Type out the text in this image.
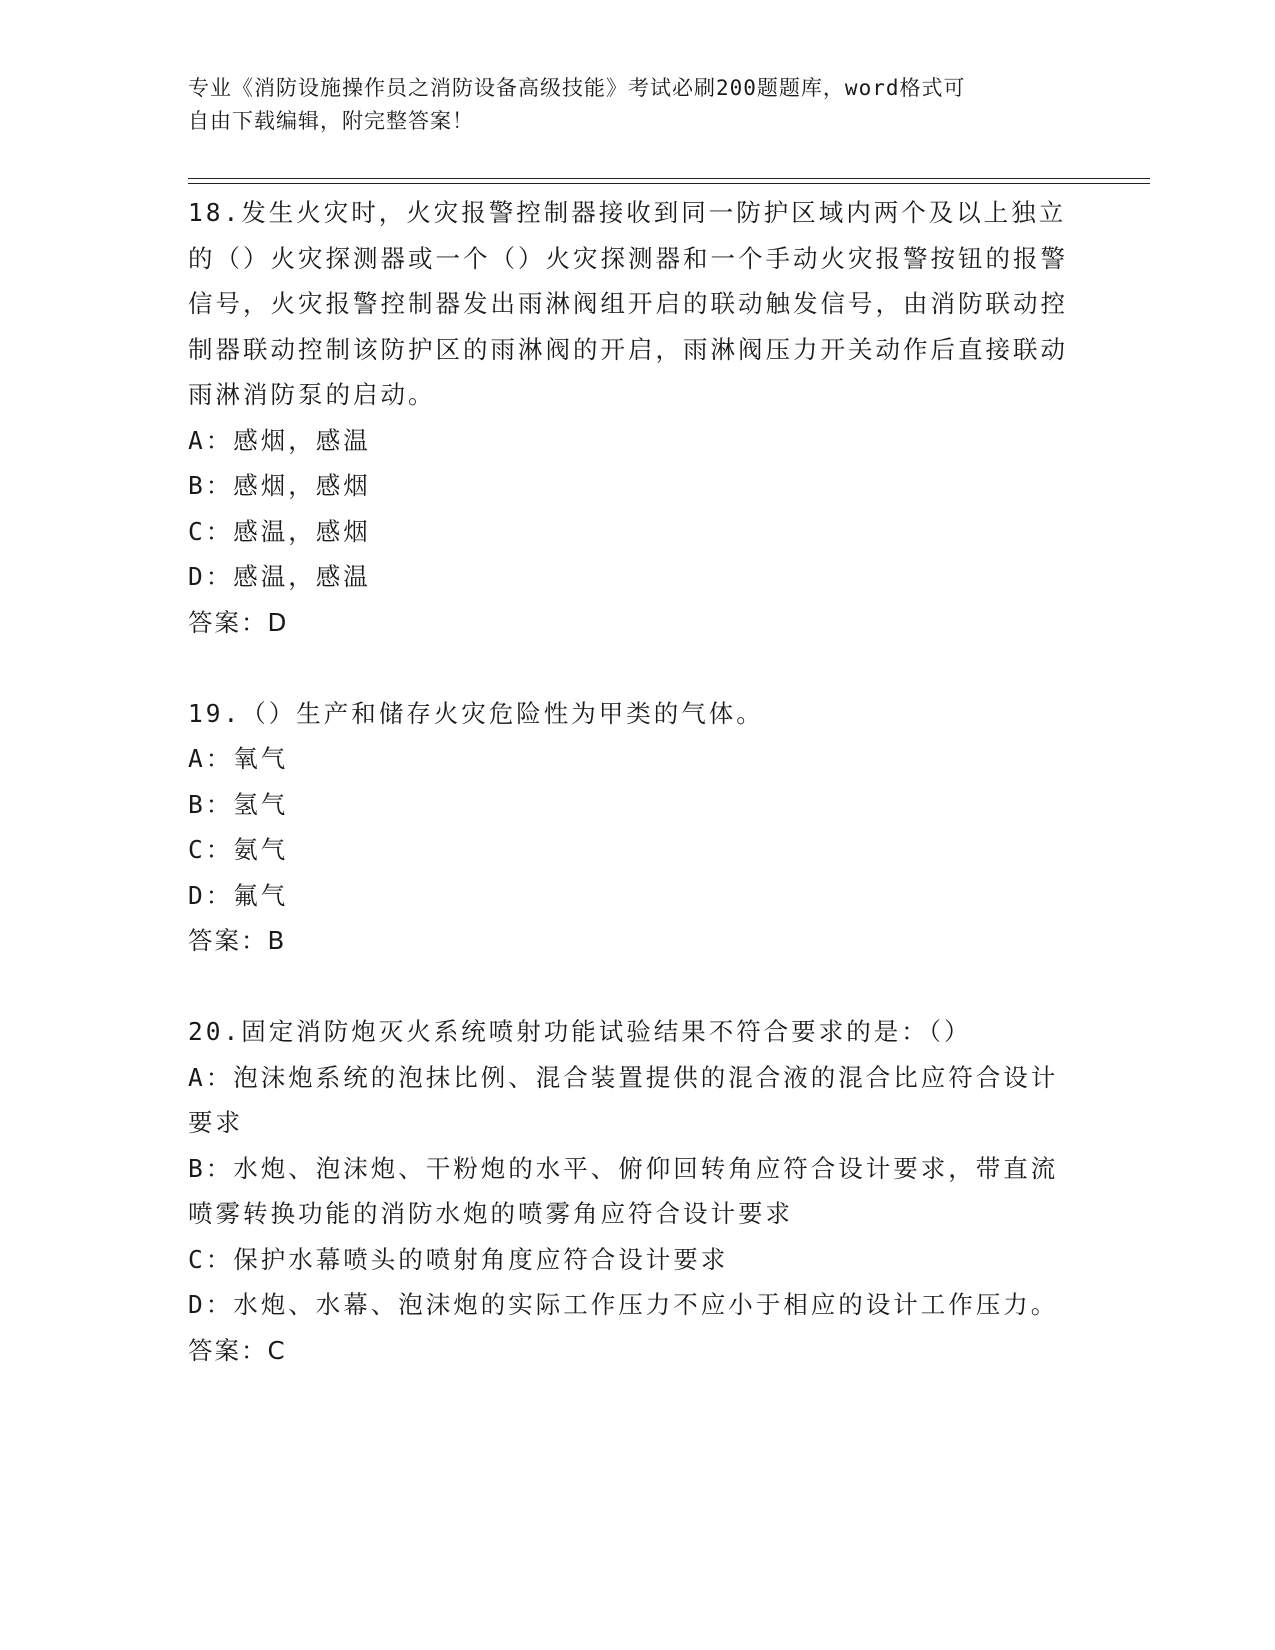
专业《消防设施操作员之消防设备高级技能》考试必刷200题题库，word格式可
自由下载编辑，附完整答案！

18.发生火灾时，火灾报警控制器接收到同一防护区域内两个及以上独立的（）火灾探测器或一个（）火灾探测器和一个手动火灾报警按钮的报警信号，火灾报警控制器发出雨淋阀组开启的联动触发信号，由消防联动控制器联动控制该防护区的雨淋阀的开启，雨淋阀压力开关动作后直接联动雨淋消防泵的启动。

A：感烟，感温

B：感烟，感烟

C：感温，感烟

D：感温，感温

答案：D

19.（）生产和储存火灾危险性为甲类的气体。

A：氧气

B：氢气

C：氨气

D：氟气

答案：B

20.固定消防炮灭火系统喷射功能试验结果不符合要求的是：（）

A：泡沫炮系统的泡抹比例、混合装置提供的混合液的混合比应符合设计要求

B：水炮、泡沫炮、干粉炮的水平、俯仰回转角应符合设计要求，带直流喷雾转换功能的消防水炮的喷雾角应符合设计要求

C：保护水幕喷头的喷射角度应符合设计要求

D：水炮、水幕、泡沫炮的实际工作压力不应小于相应的设计工作压力。

答案：C
